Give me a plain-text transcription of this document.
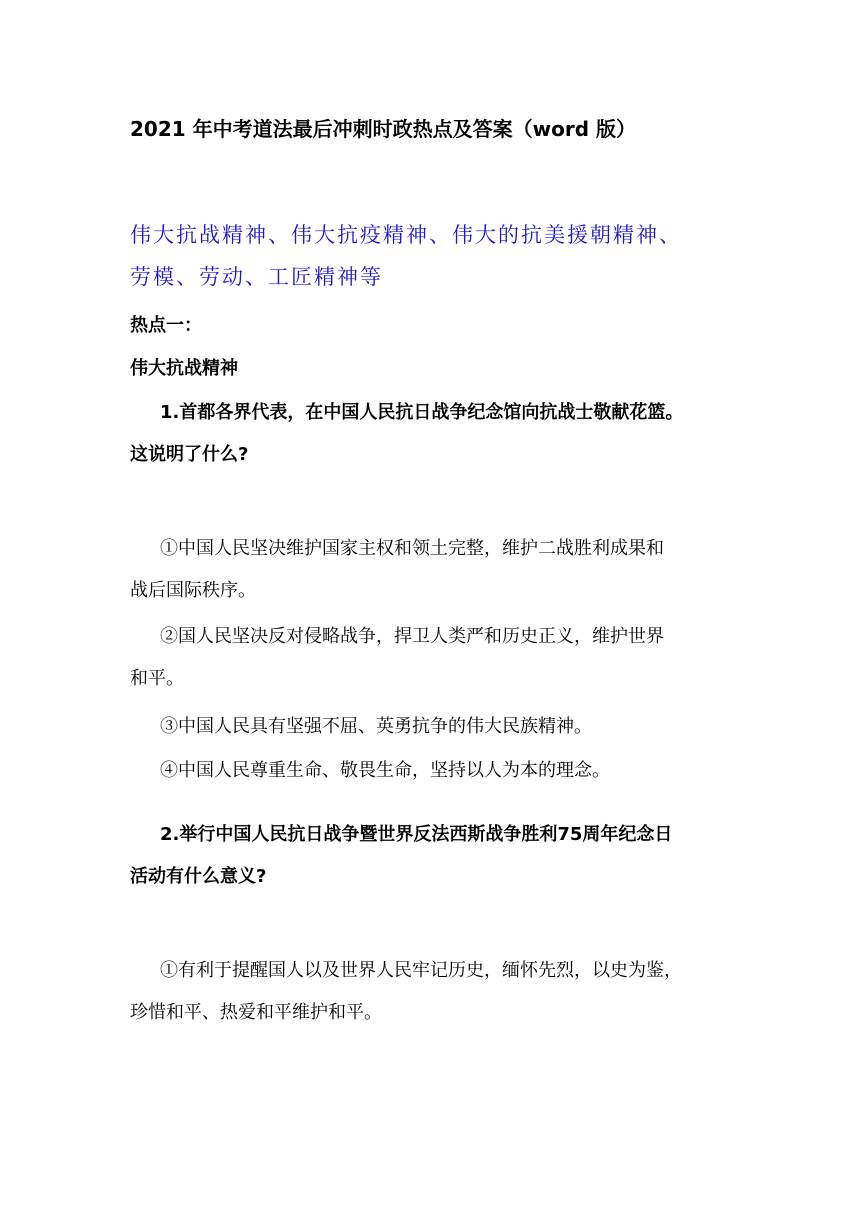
2021 年中考道法最后冲刺时政热点及答案（word 版）
伟大抗战精神、伟大抗疫精神、伟大的抗美援朝精神、
劳模、劳动、工匠精神等
热点一：
伟大抗战精神
1.首都各界代表，在中国人民抗日战争纪念馆向抗战士敬献花篮。
这说明了什么?
①中国人民坚决维护国家主权和领土完整，维护二战胜利成果和
战后国际秩序。
②国人民坚决反对侵略战争，捍卫人类严和历史正义，维护世界
和平。
③中国人民具有坚强不屈、英勇抗争的伟大民族精神。
④中国人民尊重生命、敬畏生命，坚持以人为本的理念。
2.举行中国人民抗日战争暨世界反法西斯战争胜利75周年纪念日
活动有什么意义?
①有利于提醒国人以及世界人民牢记历史，缅怀先烈，以史为鉴，
珍惜和平、热爱和平维护和平。
